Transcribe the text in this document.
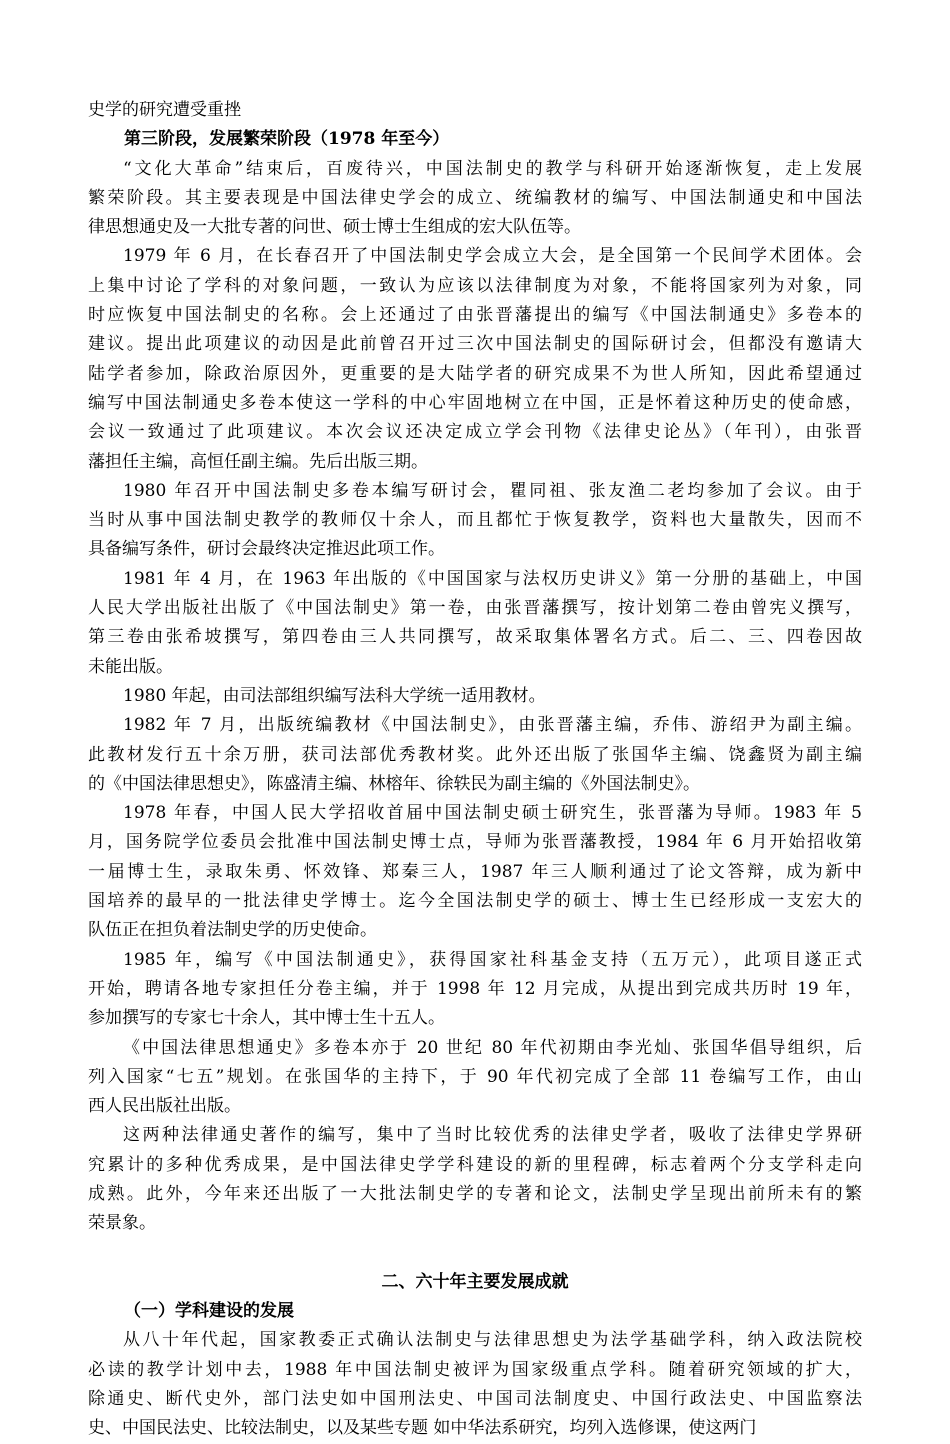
史学的研究遭受重挫
第三阶段，发展繁荣阶段（1978 年至今）
“文化大革命”结束后，百废待兴，中国法制史的教学与科研开始逐渐恢复，走上发展
繁荣阶段。其主要表现是中国法律史学会的成立、统编教材的编写、中国法制通史和中国法
律思想通史及一大批专著的问世、硕士博士生组成的宏大队伍等。
1979 年 6 月，在长春召开了中国法制史学会成立大会，是全国第一个民间学术团体。会
上集中讨论了学科的对象问题，一致认为应该以法律制度为对象，不能将国家列为对象，同
时应恢复中国法制史的名称。会上还通过了由张晋藩提出的编写《中国法制通史》多卷本的
建议。提出此项建议的动因是此前曾召开过三次中国法制史的国际研讨会，但都没有邀请大
陆学者参加，除政治原因外，更重要的是大陆学者的研究成果不为世人所知，因此希望通过
编写中国法制通史多卷本使这一学科的中心牢固地树立在中国，正是怀着这种历史的使命感，
会议一致通过了此项建议。本次会议还决定成立学会刊物《法律史论丛》（年刊），由张晋
藩担任主编，高恒任副主编。先后出版三期。
1980 年召开中国法制史多卷本编写研讨会，瞿同祖、张友渔二老均参加了会议。由于
当时从事中国法制史教学的教师仅十余人，而且都忙于恢复教学，资料也大量散失，因而不
具备编写条件，研讨会最终决定推迟此项工作。
1981 年 4 月，在 1963 年出版的《中国国家与法权历史讲义》第一分册的基础上，中国
人民大学出版社出版了《中国法制史》第一卷，由张晋藩撰写，按计划第二卷由曾宪义撰写，
第三卷由张希坡撰写，第四卷由三人共同撰写，故采取集体署名方式。后二、三、四卷因故
未能出版。
1980 年起，由司法部组织编写法科大学统一适用教材。
1982 年 7 月，出版统编教材《中国法制史》，由张晋藩主编，乔伟、游绍尹为副主编。
此教材发行五十余万册，获司法部优秀教材奖。此外还出版了张国华主编、饶鑫贤为副主编
的《中国法律思想史》，陈盛清主编、林榕年、徐轶民为副主编的《外国法制史》。
1978 年春，中国人民大学招收首届中国法制史硕士研究生，张晋藩为导师。1983 年 5
月，国务院学位委员会批准中国法制史博士点，导师为张晋藩教授，1984 年 6 月开始招收第
一届博士生，录取朱勇、怀效锋、郑秦三人，1987 年三人顺利通过了论文答辩，成为新中
国培养的最早的一批法律史学博士。迄今全国法制史学的硕士、博士生已经形成一支宏大的
队伍正在担负着法制史学的历史使命。
1985 年，编写《中国法制通史》，获得国家社科基金支持（五万元），此项目遂正式
开始，聘请各地专家担任分卷主编，并于 1998 年 12 月完成，从提出到完成共历时 19 年，
参加撰写的专家七十余人，其中博士生十五人。
《中国法律思想通史》多卷本亦于 20 世纪 80 年代初期由李光灿、张国华倡导组织，后
列入国家“七五”规划。在张国华的主持下，于 90 年代初完成了全部 11 卷编写工作，由山
西人民出版社出版。
这两种法律通史著作的编写，集中了当时比较优秀的法律史学者，吸收了法律史学界研
究累计的多种优秀成果，是中国法律史学学科建设的新的里程碑，标志着两个分支学科走向
成熟。此外，今年来还出版了一大批法制史学的专著和论文，法制史学呈现出前所未有的繁
荣景象。
二、六十年主要发展成就
（一）学科建设的发展
从八十年代起，国家教委正式确认法制史与法律思想史为法学基础学科，纳入政法院校
必读的教学计划中去，1988 年中国法制史被评为国家级重点学科。随着研究领域的扩大，
除通史、断代史外，部门法史如中国刑法史、中国司法制度史、中国行政法史、中国监察法
史、中国民法史、比较法制史，以及某些专题 如中华法系研究，均列入选修课，使这两门
